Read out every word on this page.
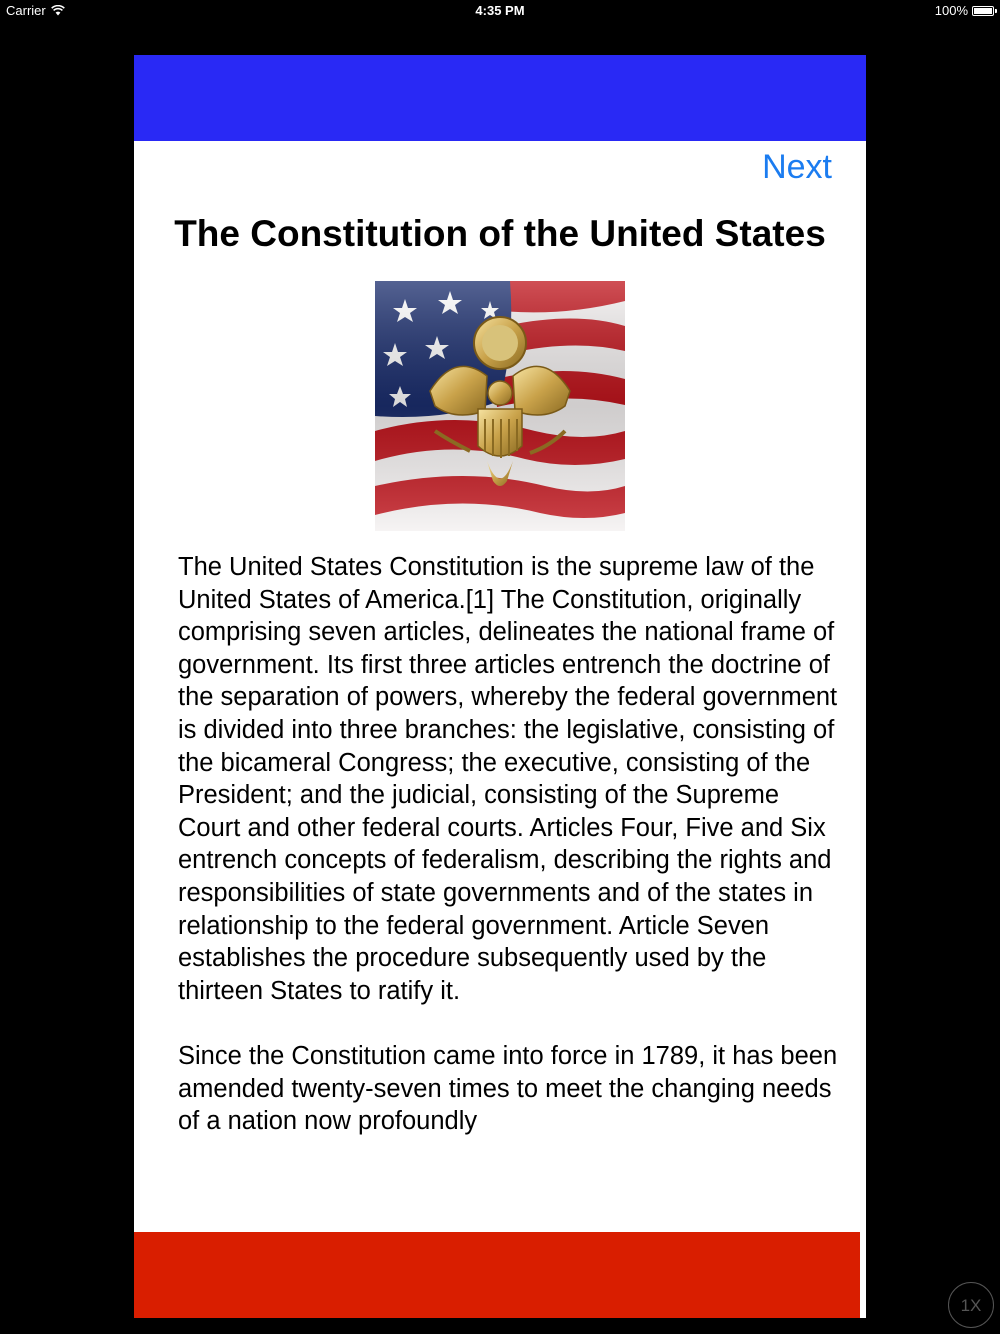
Carrier	4:35 PM	100%
Next
The Constitution of the United States

The United States Constitution is the supreme law of the United States of America.[1] The Constitution, originally comprising seven articles, delineates the national frame of government. Its first three articles entrench the doctrine of the separation of powers, whereby the federal government is divided into three branches: the legislative, consisting of the bicameral Congress; the executive, consisting of the President; and the judicial, consisting of the Supreme Court and other federal courts. Articles Four, Five and Six entrench concepts of federalism, describing the rights and responsibilities of state governments and of the states in relationship to the federal government. Article Seven establishes the procedure subsequently used by the thirteen States to ratify it.

Since the Constitution came into force in 1789, it has been amended twenty-seven times to meet the changing needs of a nation now profoundly

1X
